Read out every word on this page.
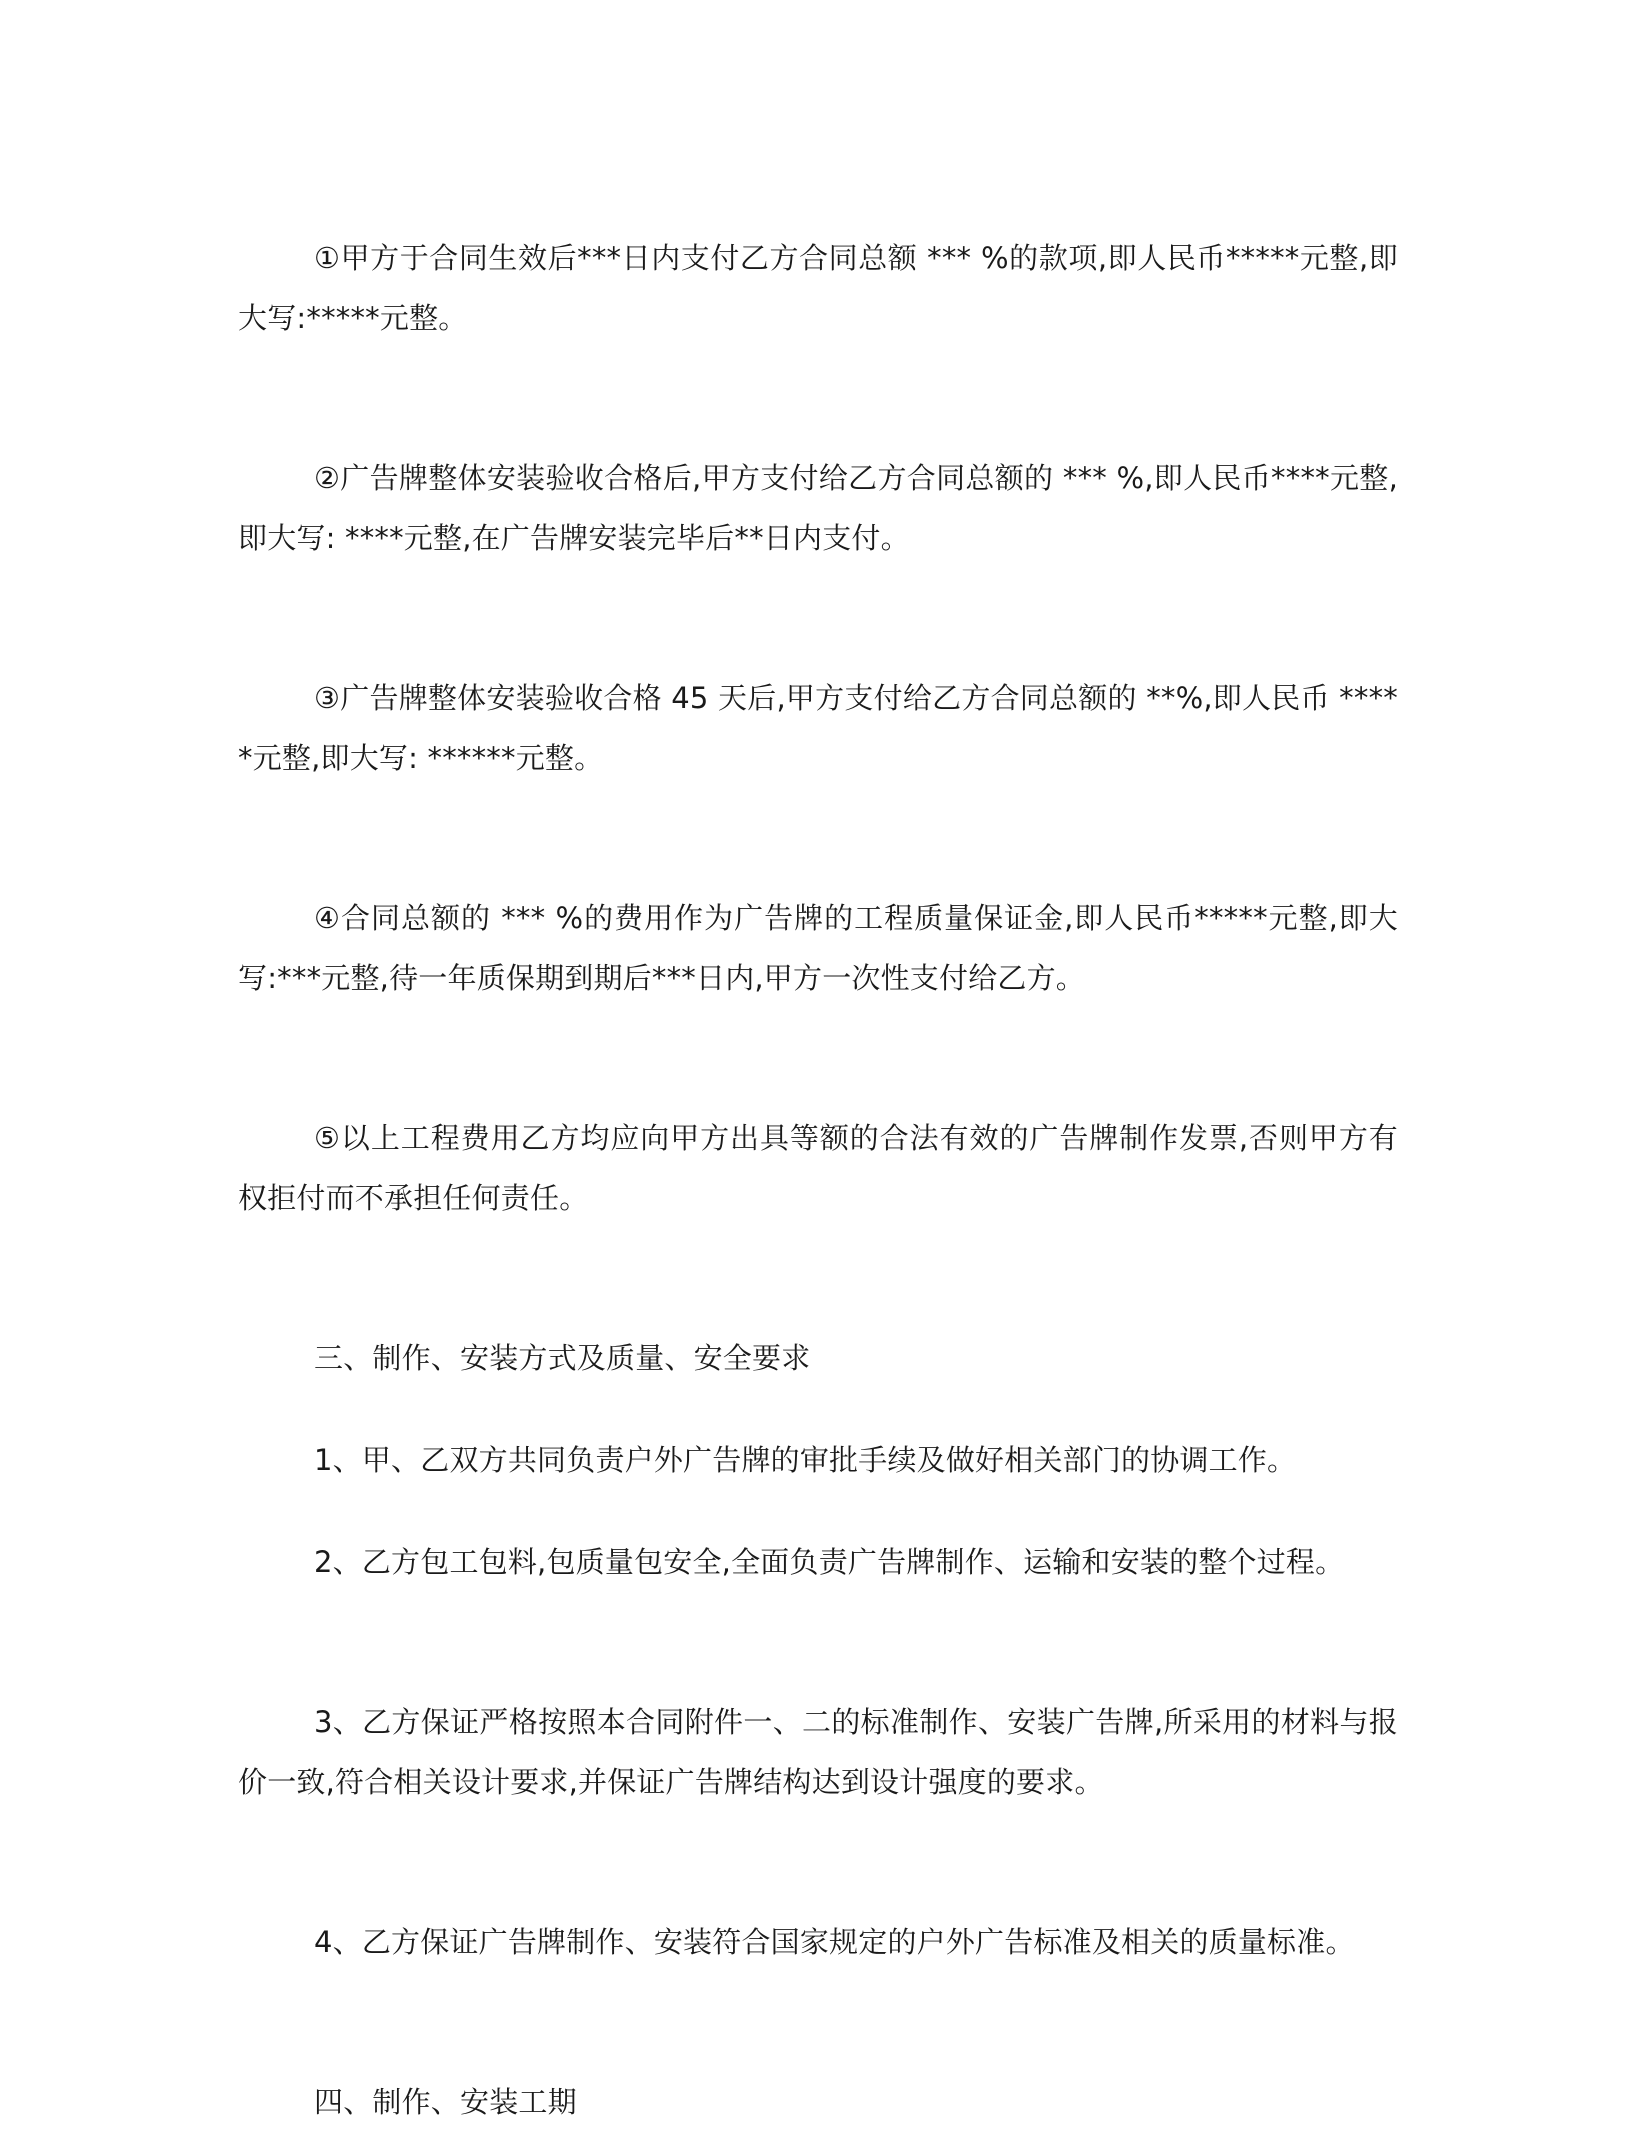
①甲方于合同生效后***日内支付乙方合同总额 *** %的款项,即人民币*****元整,即大写:*****元整。

②广告牌整体安装验收合格后,甲方支付给乙方合同总额的 *** %,即人民币****元整,即大写: ****元整,在广告牌安装完毕后**日内支付。

③广告牌整体安装验收合格 45 天后,甲方支付给乙方合同总额的 **%,即人民币 *****元整,即大写: ******元整。

④合同总额的 *** %的费用作为广告牌的工程质量保证金,即人民币*****元整,即大写:***元整,待一年质保期到期后***日内,甲方一次性支付给乙方。

⑤以上工程费用乙方均应向甲方出具等额的合法有效的广告牌制作发票,否则甲方有权拒付而不承担任何责任。

三、制作、安装方式及质量、安全要求

1、甲、乙双方共同负责户外广告牌的审批手续及做好相关部门的协调工作。

2、乙方包工包料,包质量包安全,全面负责广告牌制作、运输和安装的整个过程。

3、乙方保证严格按照本合同附件一、二的标准制作、安装广告牌,所采用的材料与报价一致,符合相关设计要求,并保证广告牌结构达到设计强度的要求。

4、乙方保证广告牌制作、安装符合国家规定的户外广告标准及相关的质量标准。

四、制作、安装工期
